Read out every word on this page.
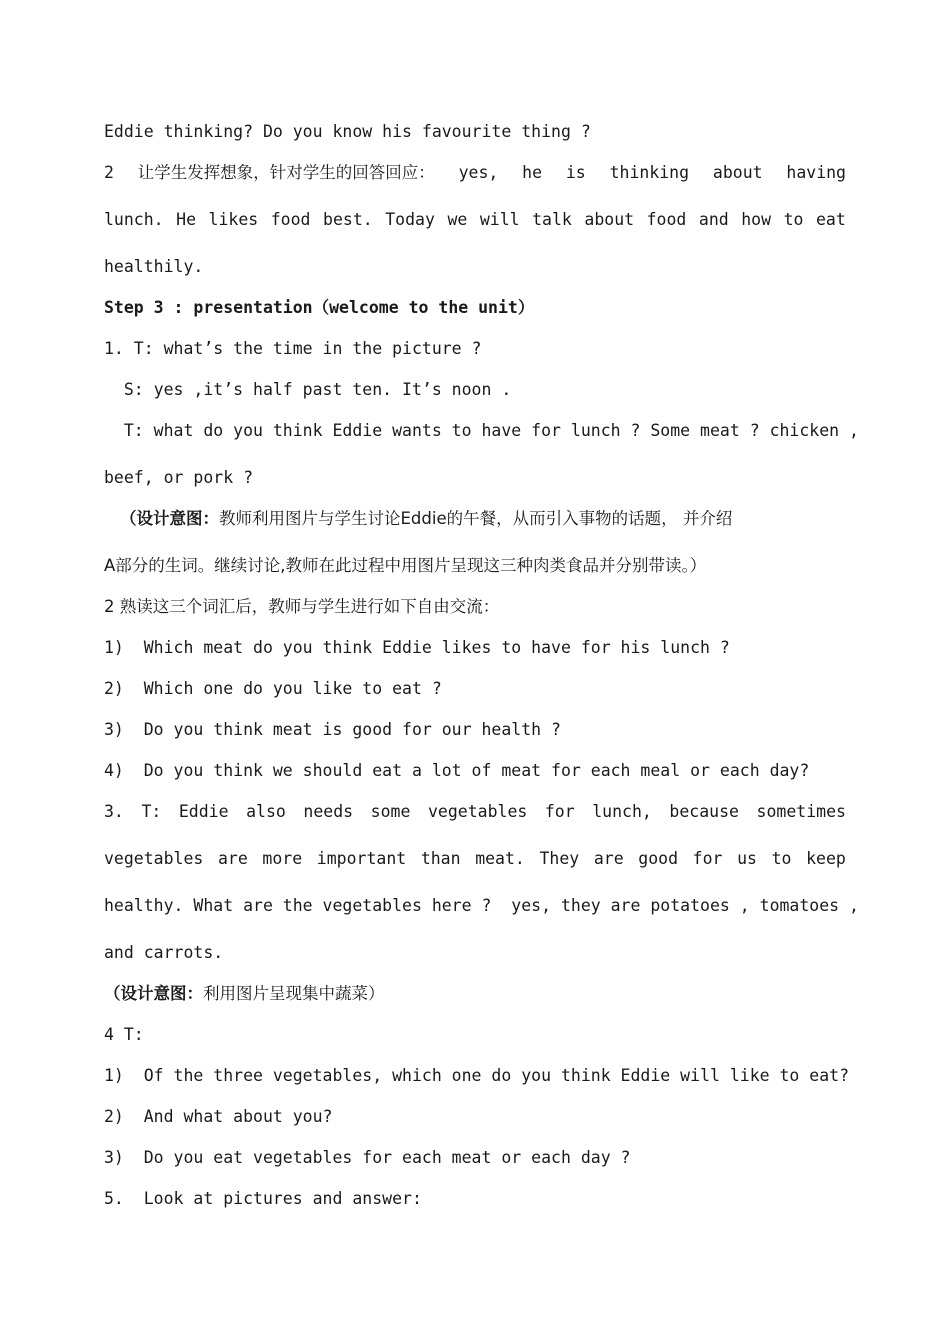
Eddie thinking? Do you know his favourite thing ?
2 让学生发挥想象，针对学生的回答回应： yes, he is thinking about having
lunch. He likes food best. Today we will talk about food and how to eat
healthily.
Step 3 : presentation（welcome to the unit）
1. T: what’s the time in the picture ?
S: yes ,it’s half past ten. It’s noon .
T: what do you think Eddie wants to have for lunch ? Some meat ? chicken ,
beef, or pork ?
（设计意图：教师利用图片与学生讨论Eddie的午餐，从而引入事物的话题， 并介绍
A部分的生词。继续讨论,教师在此过程中用图片呈现这三种肉类食品并分别带读。）
2 熟读这三个词汇后，教师与学生进行如下自由交流：
1)  Which meat do you think Eddie likes to have for his lunch ?
2)  Which one do you like to eat ?
3)  Do you think meat is good for our health ?
4)  Do you think we should eat a lot of meat for each meal or each day?
3. T: Eddie also needs some vegetables for lunch, because sometimes
vegetables are more important than meat. They are good for us to keep
healthy. What are the vegetables here ?  yes, they are potatoes , tomatoes ,
and carrots.
（设计意图：利用图片呈现集中蔬菜）
4 T:
1)  Of the three vegetables, which one do you think Eddie will like to eat?
2)  And what about you?
3)  Do you eat vegetables for each meat or each day ?
5.  Look at pictures and answer:
